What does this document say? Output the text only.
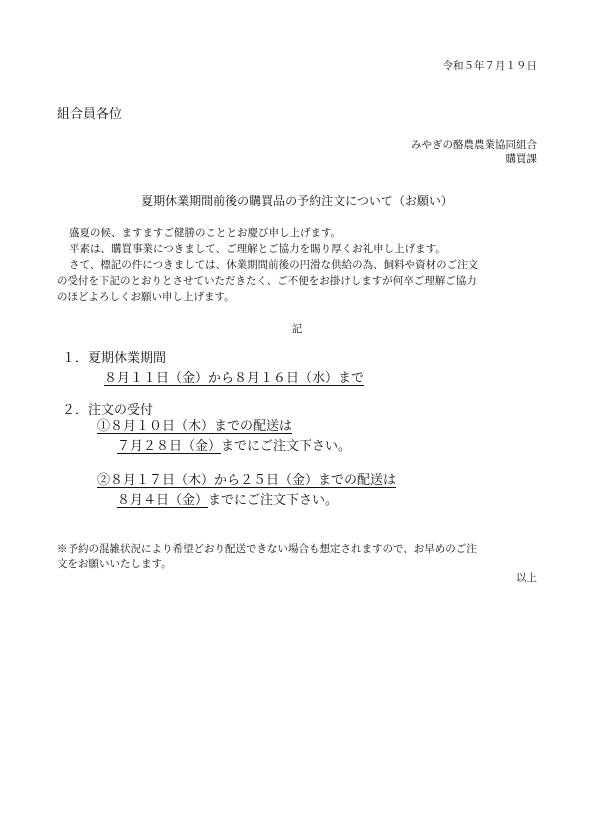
令和５年７月１９日
組合員各位
みやぎの酪農農業協同組合
購買課
夏期休業期間前後の購買品の予約注文について（お願い）
盛夏の候、ますますご健勝のこととお慶び申し上げます。
平素は、購買事業につきまして、ご理解とご協力を賜り厚くお礼申し上げます。
さて、標記の件につきましては、休業期間前後の円滑な供給の為、飼料や資材のご注文
の受付を下記のとおりとさせていただきたく、ご不便をお掛けしますが何卒ご理解ご協力
のほどよろしくお願い申し上げます。
記
１．夏期休業期間
８月１１日（金）から８月１６日（水）まで
２．注文の受付
①８月１０日（木）までの配送は
７月２８日（金）までにご注文下さい。
②８月１７日（木）から２５日（金）までの配送は
８月４日（金）までにご注文下さい。
※予約の混雑状況により希望どおり配送できない場合も想定されますので、お早めのご注
文をお願いいたします。
以上
